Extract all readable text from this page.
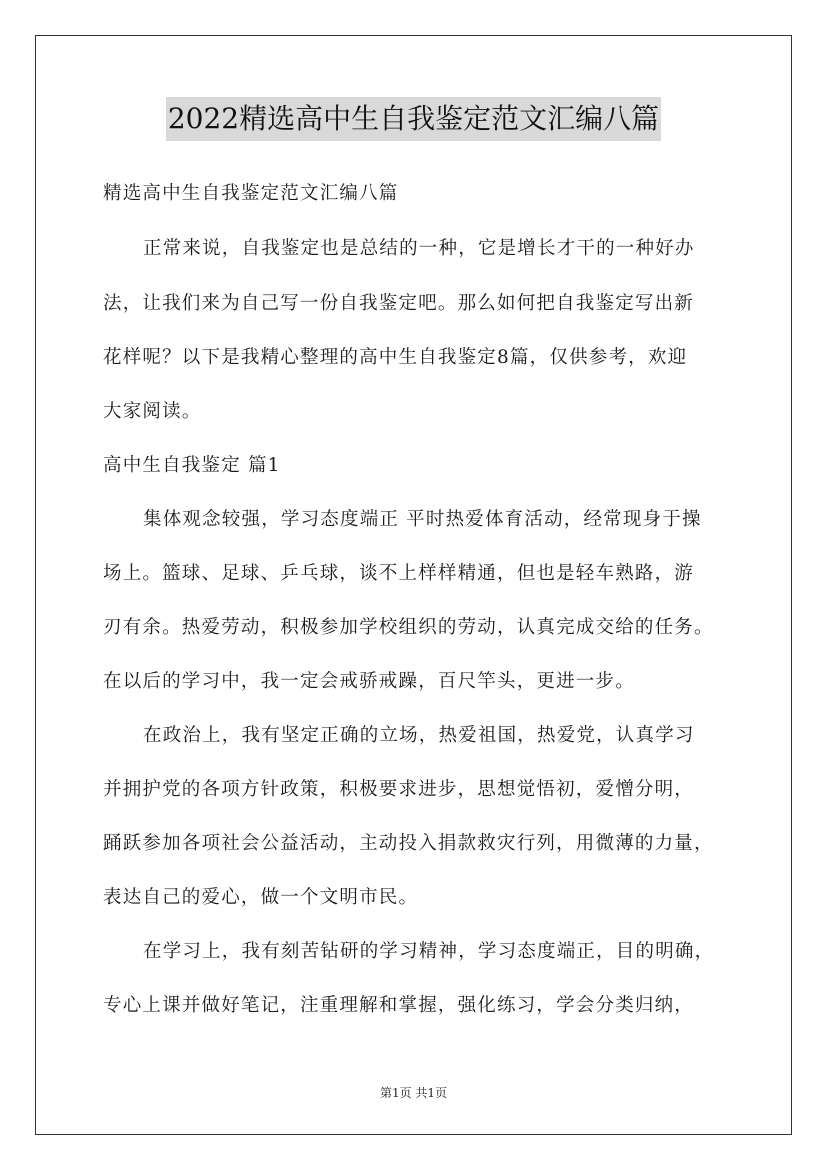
2022精选高中生自我鉴定范文汇编八篇
精选高中生自我鉴定范文汇编八篇
正常来说，自我鉴定也是总结的一种，它是增长才干的一种好办
法，让我们来为自己写一份自我鉴定吧。那么如何把自我鉴定写出新
花样呢？以下是我精心整理的高中生自我鉴定8篇，仅供参考，欢迎
大家阅读。
高中生自我鉴定 篇1
集体观念较强，学习态度端正 平时热爱体育活动，经常现身于操
场上。篮球、足球、乒乓球，谈不上样样精通，但也是轻车熟路，游
刃有余。热爱劳动，积极参加学校组织的劳动，认真完成交给的任务。
在以后的学习中，我一定会戒骄戒躁，百尺竿头，更进一步。
在政治上，我有坚定正确的立场，热爱祖国，热爱党，认真学习
并拥护党的各项方针政策，积极要求进步，思想觉悟初，爱憎分明，
踊跃参加各项社会公益活动，主动投入捐款救灾行列，用微薄的力量，
表达自己的爱心，做一个文明市民。
在学习上，我有刻苦钻研的学习精神，学习态度端正，目的明确，
专心上课并做好笔记，注重理解和掌握，强化练习，学会分类归纳，
第1页 共1页
